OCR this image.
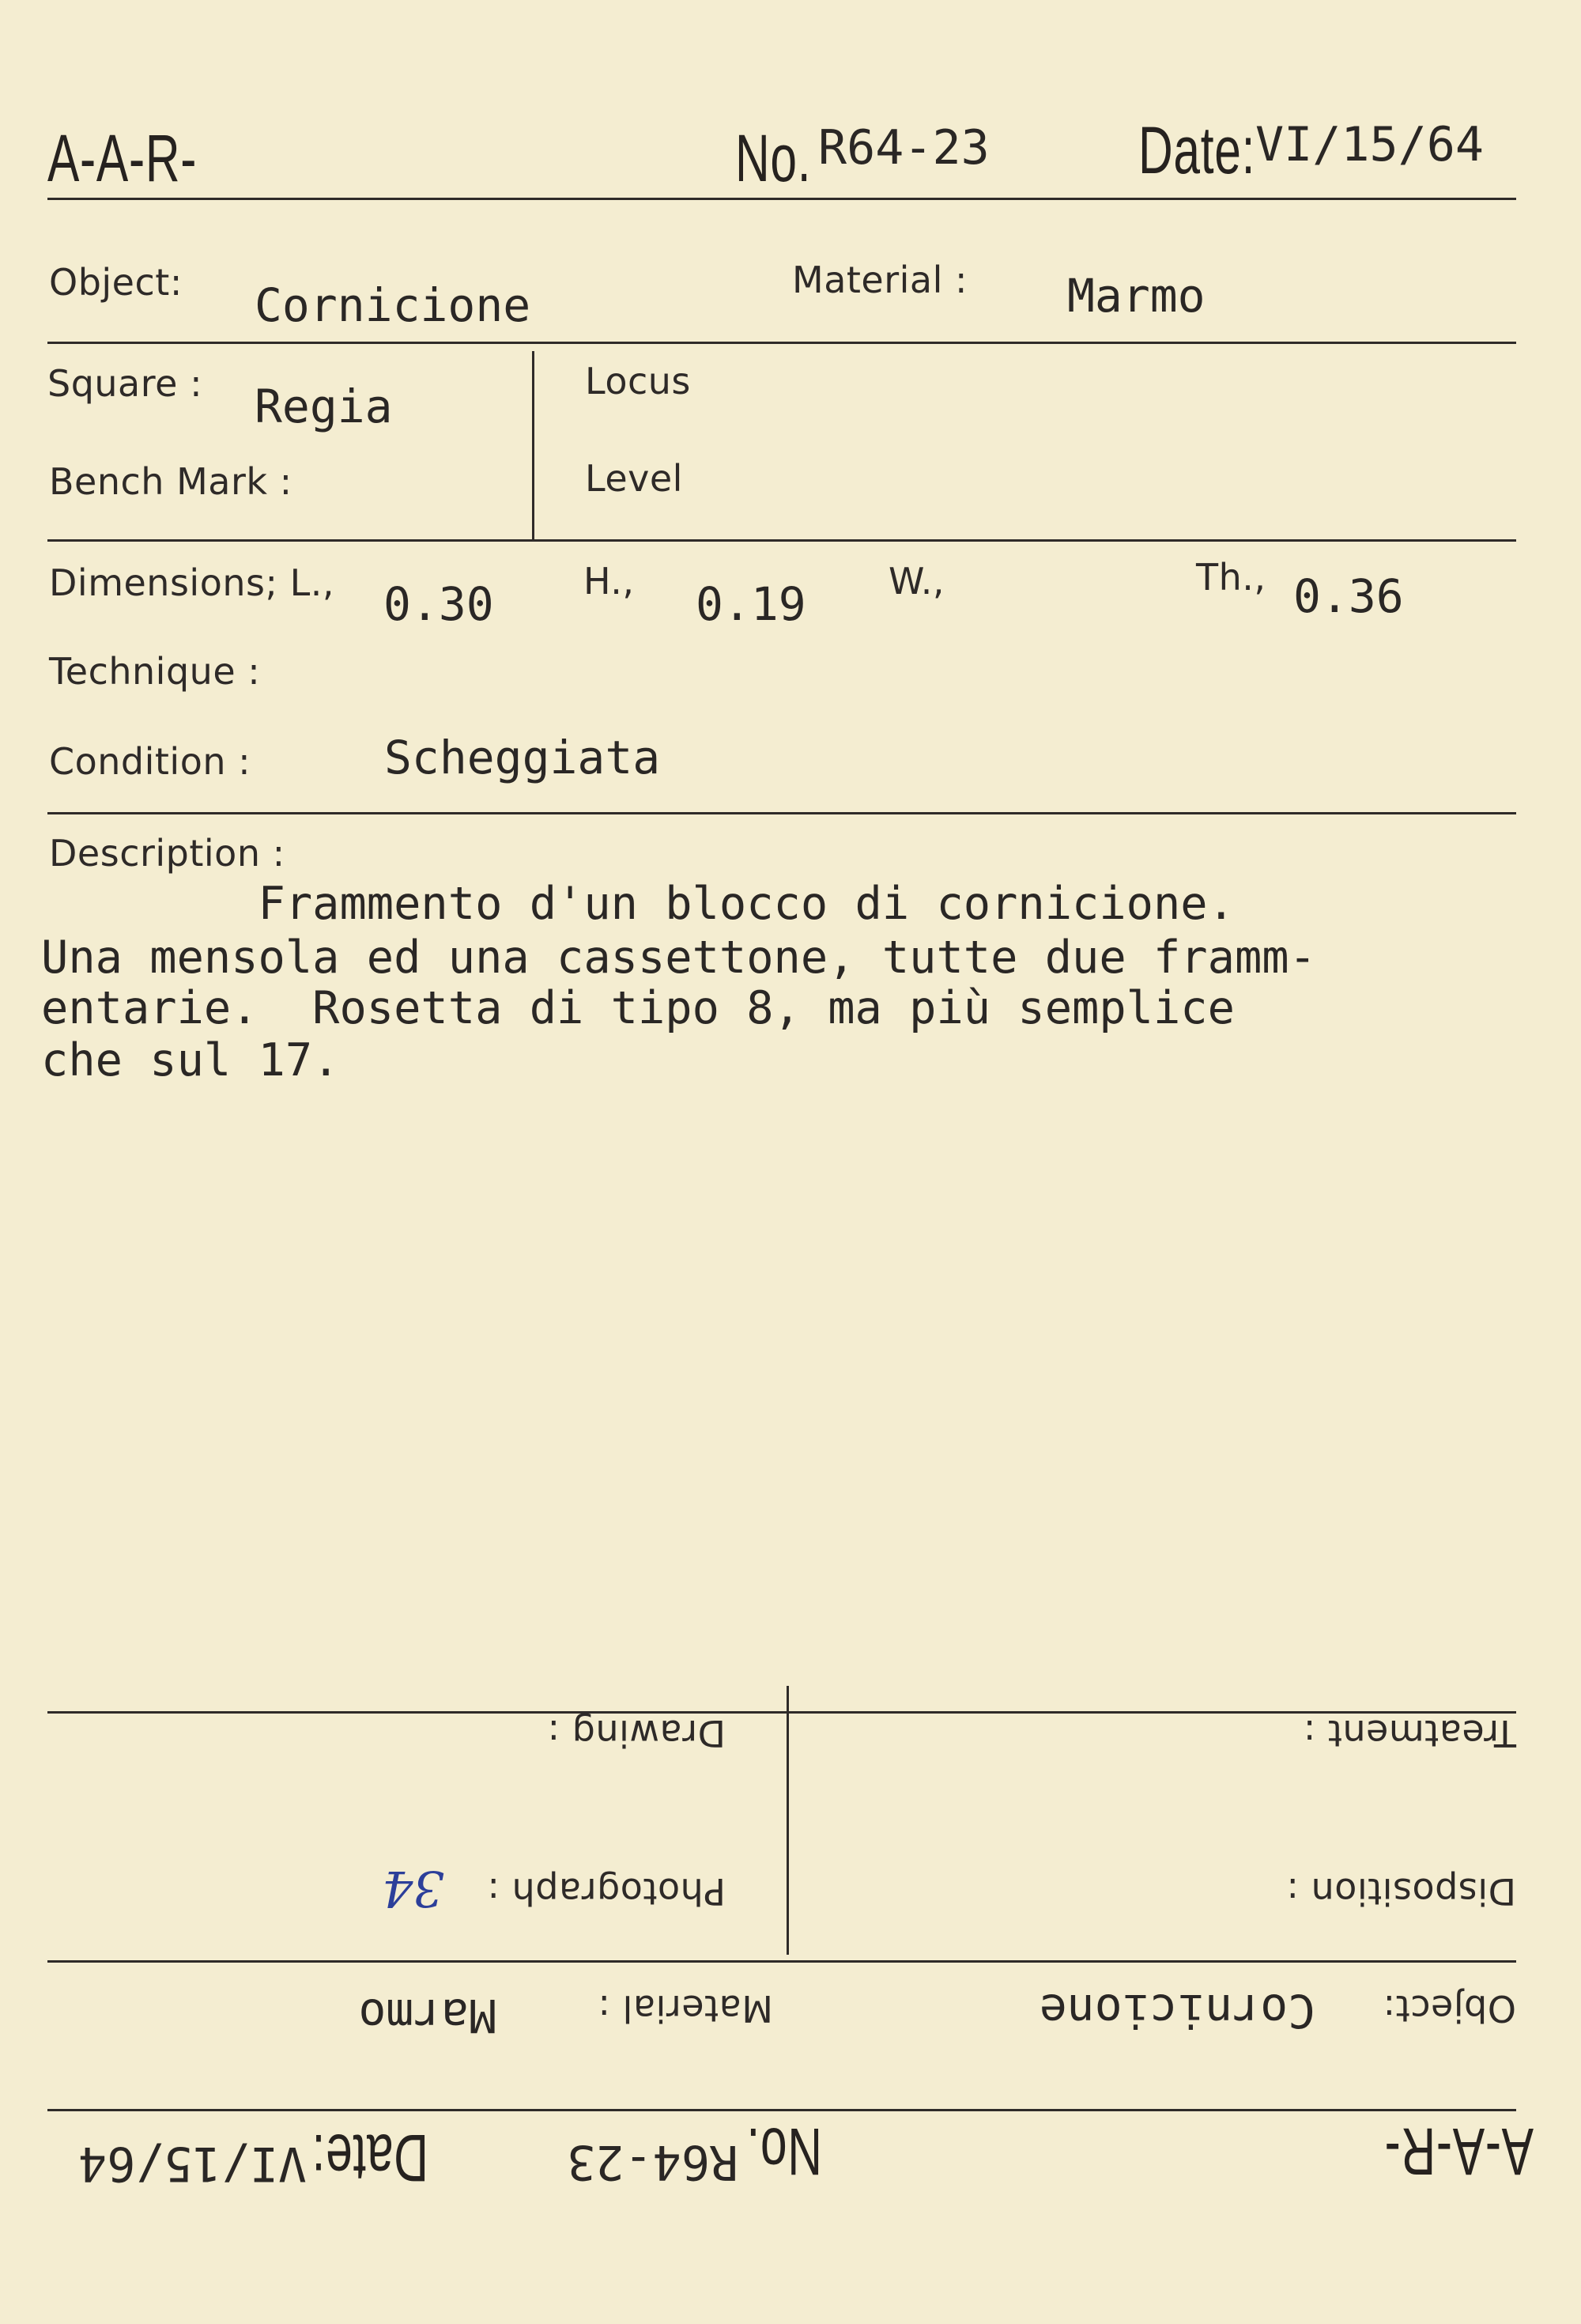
A-A-R-	No. R64-23 Date: VI/15/64
Object: Cornicione	Material : Marmo
Square : Regia
Bench Mark :
Locus
Level
Dimensions; L., 0.30 H., 0.19 W.,	Th., 0.36
Technique :
Condition :	Scheggiata
Description :
Frammento d'un blocco di cornicione.
Una mensola ed una cassettone, tutte due framm-
entarie.  Rosetta di tipo 8, ma più semplice
che sul 17.
A-A-R-
No.
R64-23
Date:
VI/15/64
Object:
Cornicione
Material :
Marmo
Disposition :
Photograph :
34
Treatment :
Drawing :
